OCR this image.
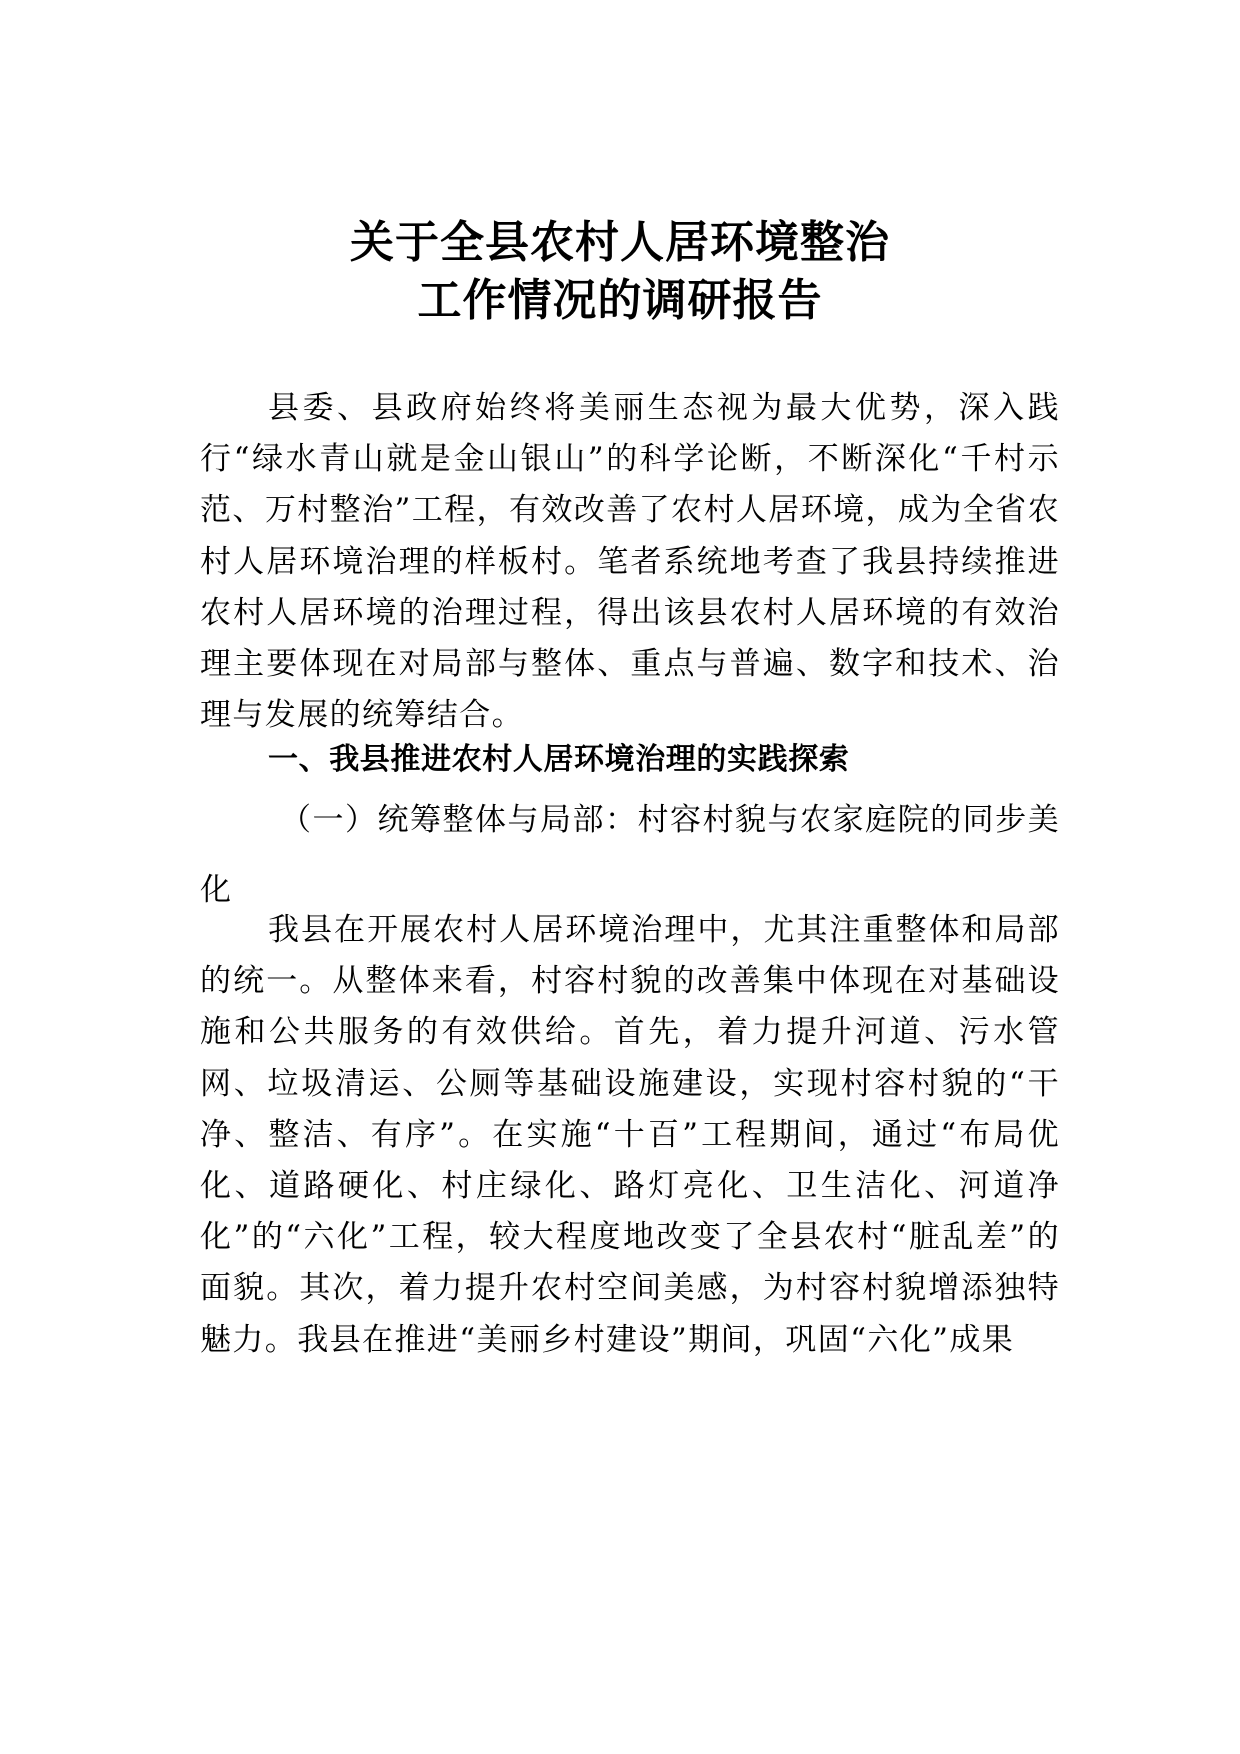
关于全县农村人居环境整治
工作情况的调研报告

县委、县政府始终将美丽生态视为最大优势，深入践行“绿水青山就是金山银山”的科学论断，不断深化“千村示范、万村整治”工程，有效改善了农村人居环境，成为全省农村人居环境治理的样板村。笔者系统地考查了我县持续推进农村人居环境的治理过程，得出该县农村人居环境的有效治理主要体现在对局部与整体、重点与普遍、数字和技术、治理与发展的统筹结合。

一、我县推进农村人居环境治理的实践探索

（一）统筹整体与局部：村容村貌与农家庭院的同步美化

我县在开展农村人居环境治理中，尤其注重整体和局部的统一。从整体来看，村容村貌的改善集中体现在对基础设施和公共服务的有效供给。首先，着力提升河道、污水管网、垃圾清运、公厕等基础设施建设，实现村容村貌的“干净、整洁、有序”。在实施“十百”工程期间，通过“布局优化、道路硬化、村庄绿化、路灯亮化、卫生洁化、河道净化”的“六化”工程，较大程度地改变了全县农村“脏乱差”的面貌。其次，着力提升农村空间美感，为村容村貌增添独特魅力。我县在推进“美丽乡村建设”期间，巩固“六化”成果
